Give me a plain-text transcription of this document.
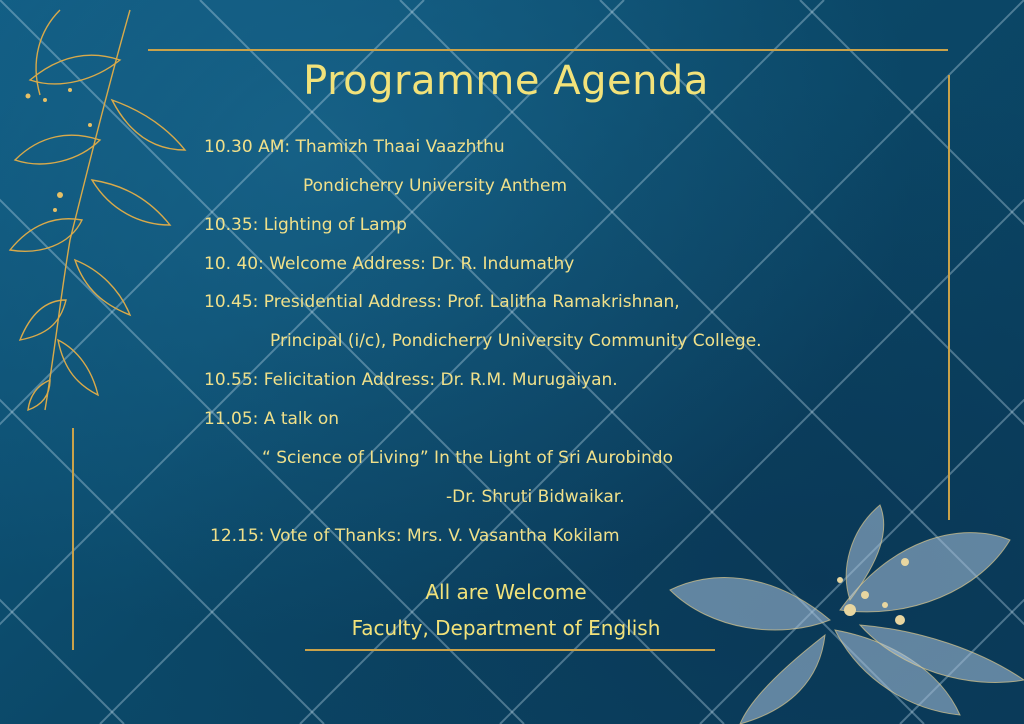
Programme Agenda
10.30 AM: Thamizh Thaai Vaazhthu
Pondicherry University Anthem
10.35: Lighting of Lamp
10. 40: Welcome Address: Dr. R. Indumathy
10.45: Presidential Address: Prof. Lalitha Ramakrishnan,
Principal (i/c), Pondicherry University Community College.
10.55: Felicitation Address: Dr. R.M. Murugaiyan.
11.05: A talk on
“ Science of Living” In the Light of Sri Aurobindo
-Dr. Shruti Bidwaikar.
12.15: Vote of Thanks: Mrs. V. Vasantha Kokilam
All are Welcome
Faculty, Department of English
